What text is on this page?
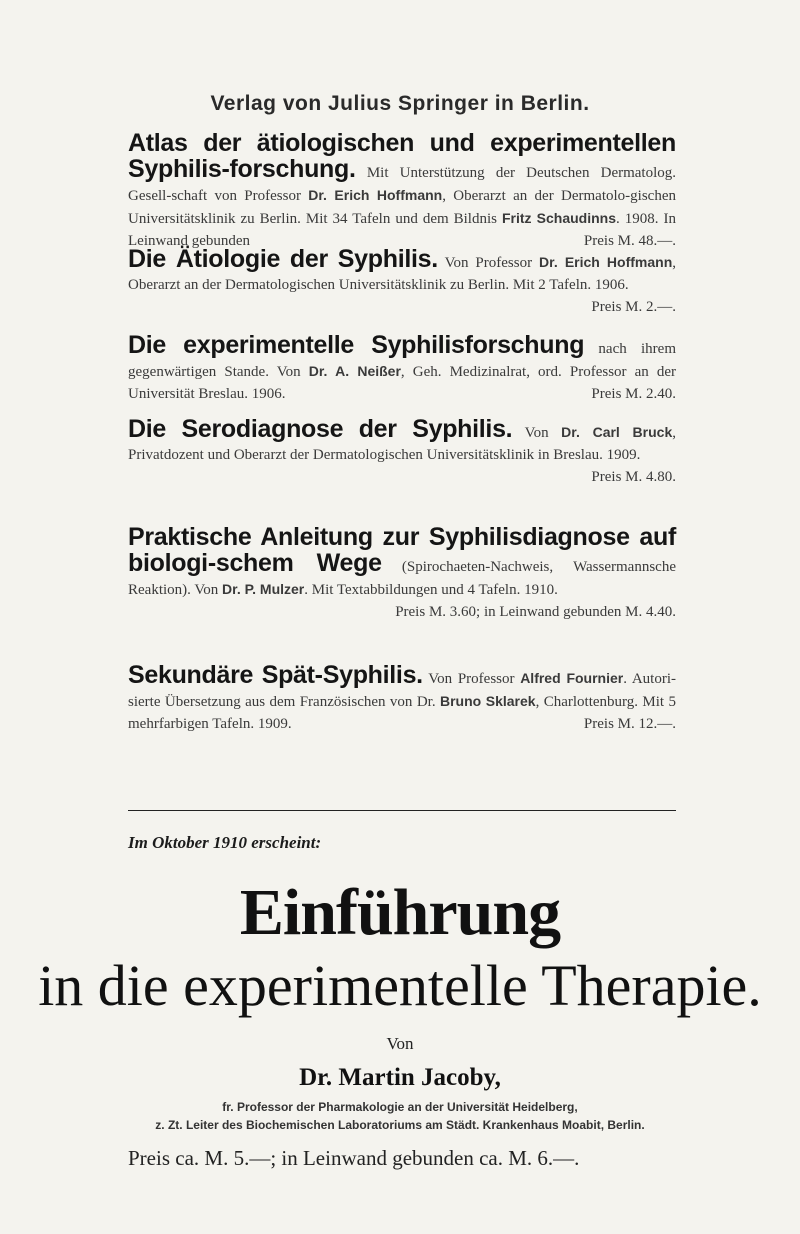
Verlag von Julius Springer in Berlin.
Atlas der ätiologischen und experimentellen Syphilis-forschung. Mit Unterstützung der Deutschen Dermatolog. Gesell-schaft von Professor Dr. Erich Hoffmann, Oberarzt an der Dermatolo-gischen Universitätsklinik zu Berlin. Mit 34 Tafeln und dem Bildnis Fritz Schaudinns. 1908. In Leinwand gebunden	Preis M. 48.—.
Die Ätiologie der Syphilis. Von Professor Dr. Erich Hoffmann, Oberarzt an der Dermatologischen Universitätsklinik zu Berlin. Mit 2 Tafeln. 1906.
Preis M. 2.—.
Die experimentelle Syphilisforschung nach ihrem gegenwärtigen Stande. Von Dr. A. Neißer, Geh. Medizinalrat, ord. Professor an der Universität Breslau. 1906.	Preis M. 2.40.
Die Serodiagnose der Syphilis. Von Dr. Carl Bruck, Privatdozent und Oberarzt der Dermatologischen Universitätsklinik in Breslau. 1909.
Preis M. 4.80.
Praktische Anleitung zur Syphilisdiagnose auf biologi-schem Wege (Spirochaeten-Nachweis, Wassermannsche Reaktion). Von Dr. P. Mulzer. Mit Textabbildungen und 4 Tafeln. 1910.
Preis M. 3.60; in Leinwand gebunden M. 4.40.
Sekundäre Spät-Syphilis. Von Professor Alfred Fournier. Autori-sierte Übersetzung aus dem Französischen von Dr. Bruno Sklarek, Charlottenburg. Mit 5 mehrfarbigen Tafeln. 1909.	Preis M. 12.—.
Im Oktober 1910 erscheint:
Einführung
in die experimentelle Therapie.
Von
Dr. Martin Jacoby,
fr. Professor der Pharmakologie an der Universität Heidelberg,
z. Zt. Leiter des Biochemischen Laboratoriums am Städt. Krankenhaus Moabit, Berlin.
Preis ca. M. 5.—; in Leinwand gebunden ca. M. 6.—.
